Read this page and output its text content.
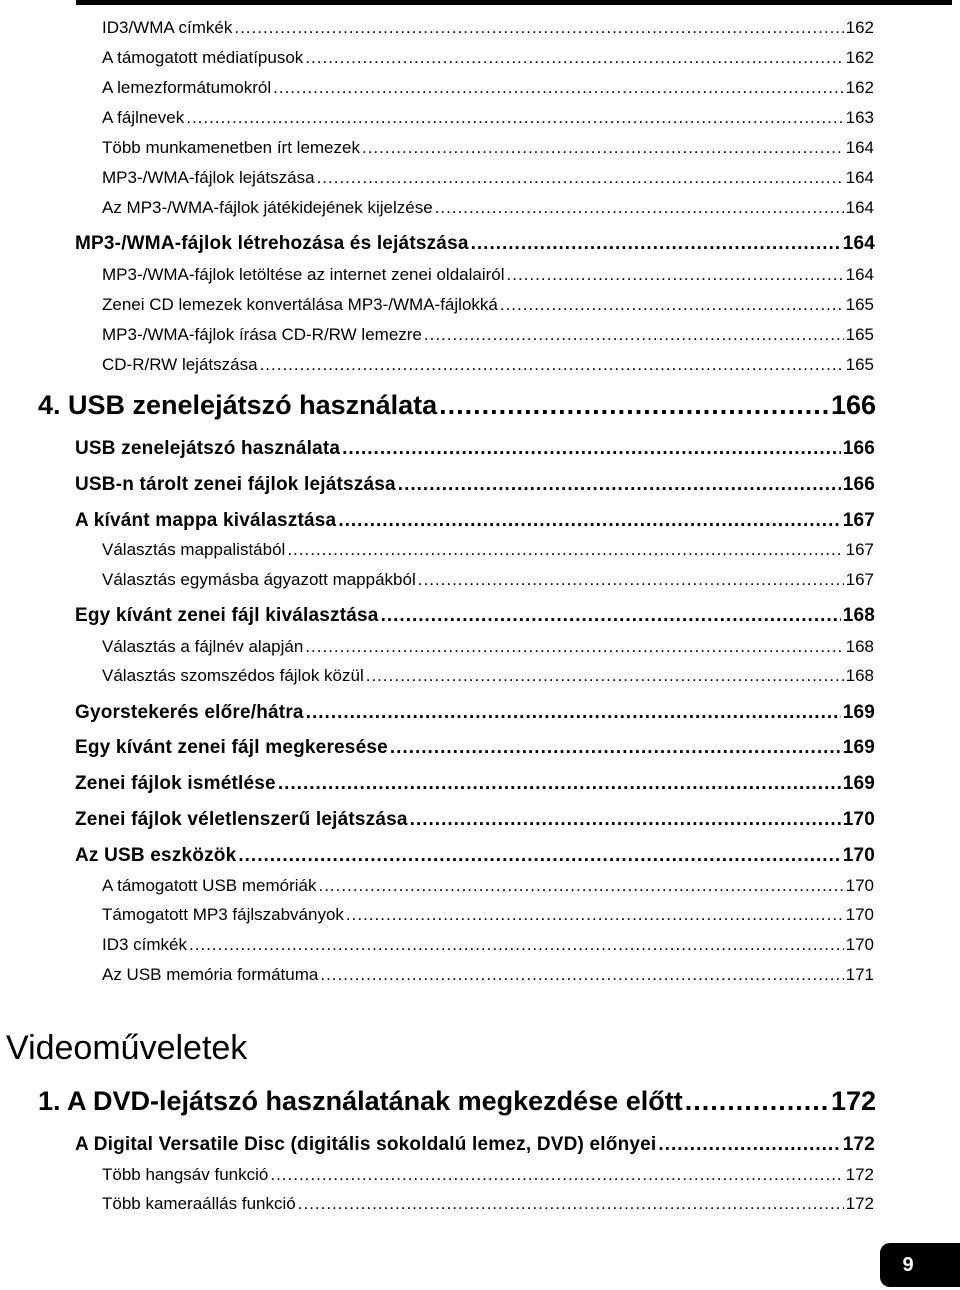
ID3/WMA címkék .....	162
A támogatott médiatípusok .....	162
A lemezformátumokról .....	162
A fájlnevek .....	163
Több munkamenetben írt lemezek .....	164
MP3-/WMA-fájlok lejátszása .....	164
Az MP3-/WMA-fájlok játékidejének kijelzése .....	164
MP3-/WMA-fájlok létrehozása és lejátszása .....	164
MP3-/WMA-fájlok letöltése az internet zenei oldalairól .....	164
Zenei CD lemezek konvertálása MP3-/WMA-fájlokká .....	165
MP3-/WMA-fájlok írása CD-R/RW lemezre .....	165
CD-R/RW lejátszása .....	165
4. USB zenelejátszó használata .....	166
USB zenelejátszó használata .....	166
USB-n tárolt zenei fájlok lejátszása .....	166
A kívánt mappa kiválasztása .....	167
Választás mappalistából .....	167
Választás egymásba ágyazott mappákból .....	167
Egy kívánt zenei fájl kiválasztása .....	168
Választás a fájlnév alapján .....	168
Választás szomszédos fájlok közül .....	168
Gyorstekerés előre/hátra .....	169
Egy kívánt zenei fájl megkeresése .....	169
Zenei fájlok ismétlése .....	169
Zenei fájlok véletlenszerű lejátszása .....	170
Az USB eszközök .....	170
A támogatott USB memóriák .....	170
Támogatott MP3 fájlszabványok .....	170
ID3 címkék .....	170
Az USB memória formátuma .....	171
Videoműveletek
1. A DVD-lejátszó használatának megkezdése előtt .....	172
A Digital Versatile Disc (digitális sokoldalú lemez, DVD) előnyei .....	172
Több hangsáv funkció .....	172
Több kameraállás funkció .....	172
9
